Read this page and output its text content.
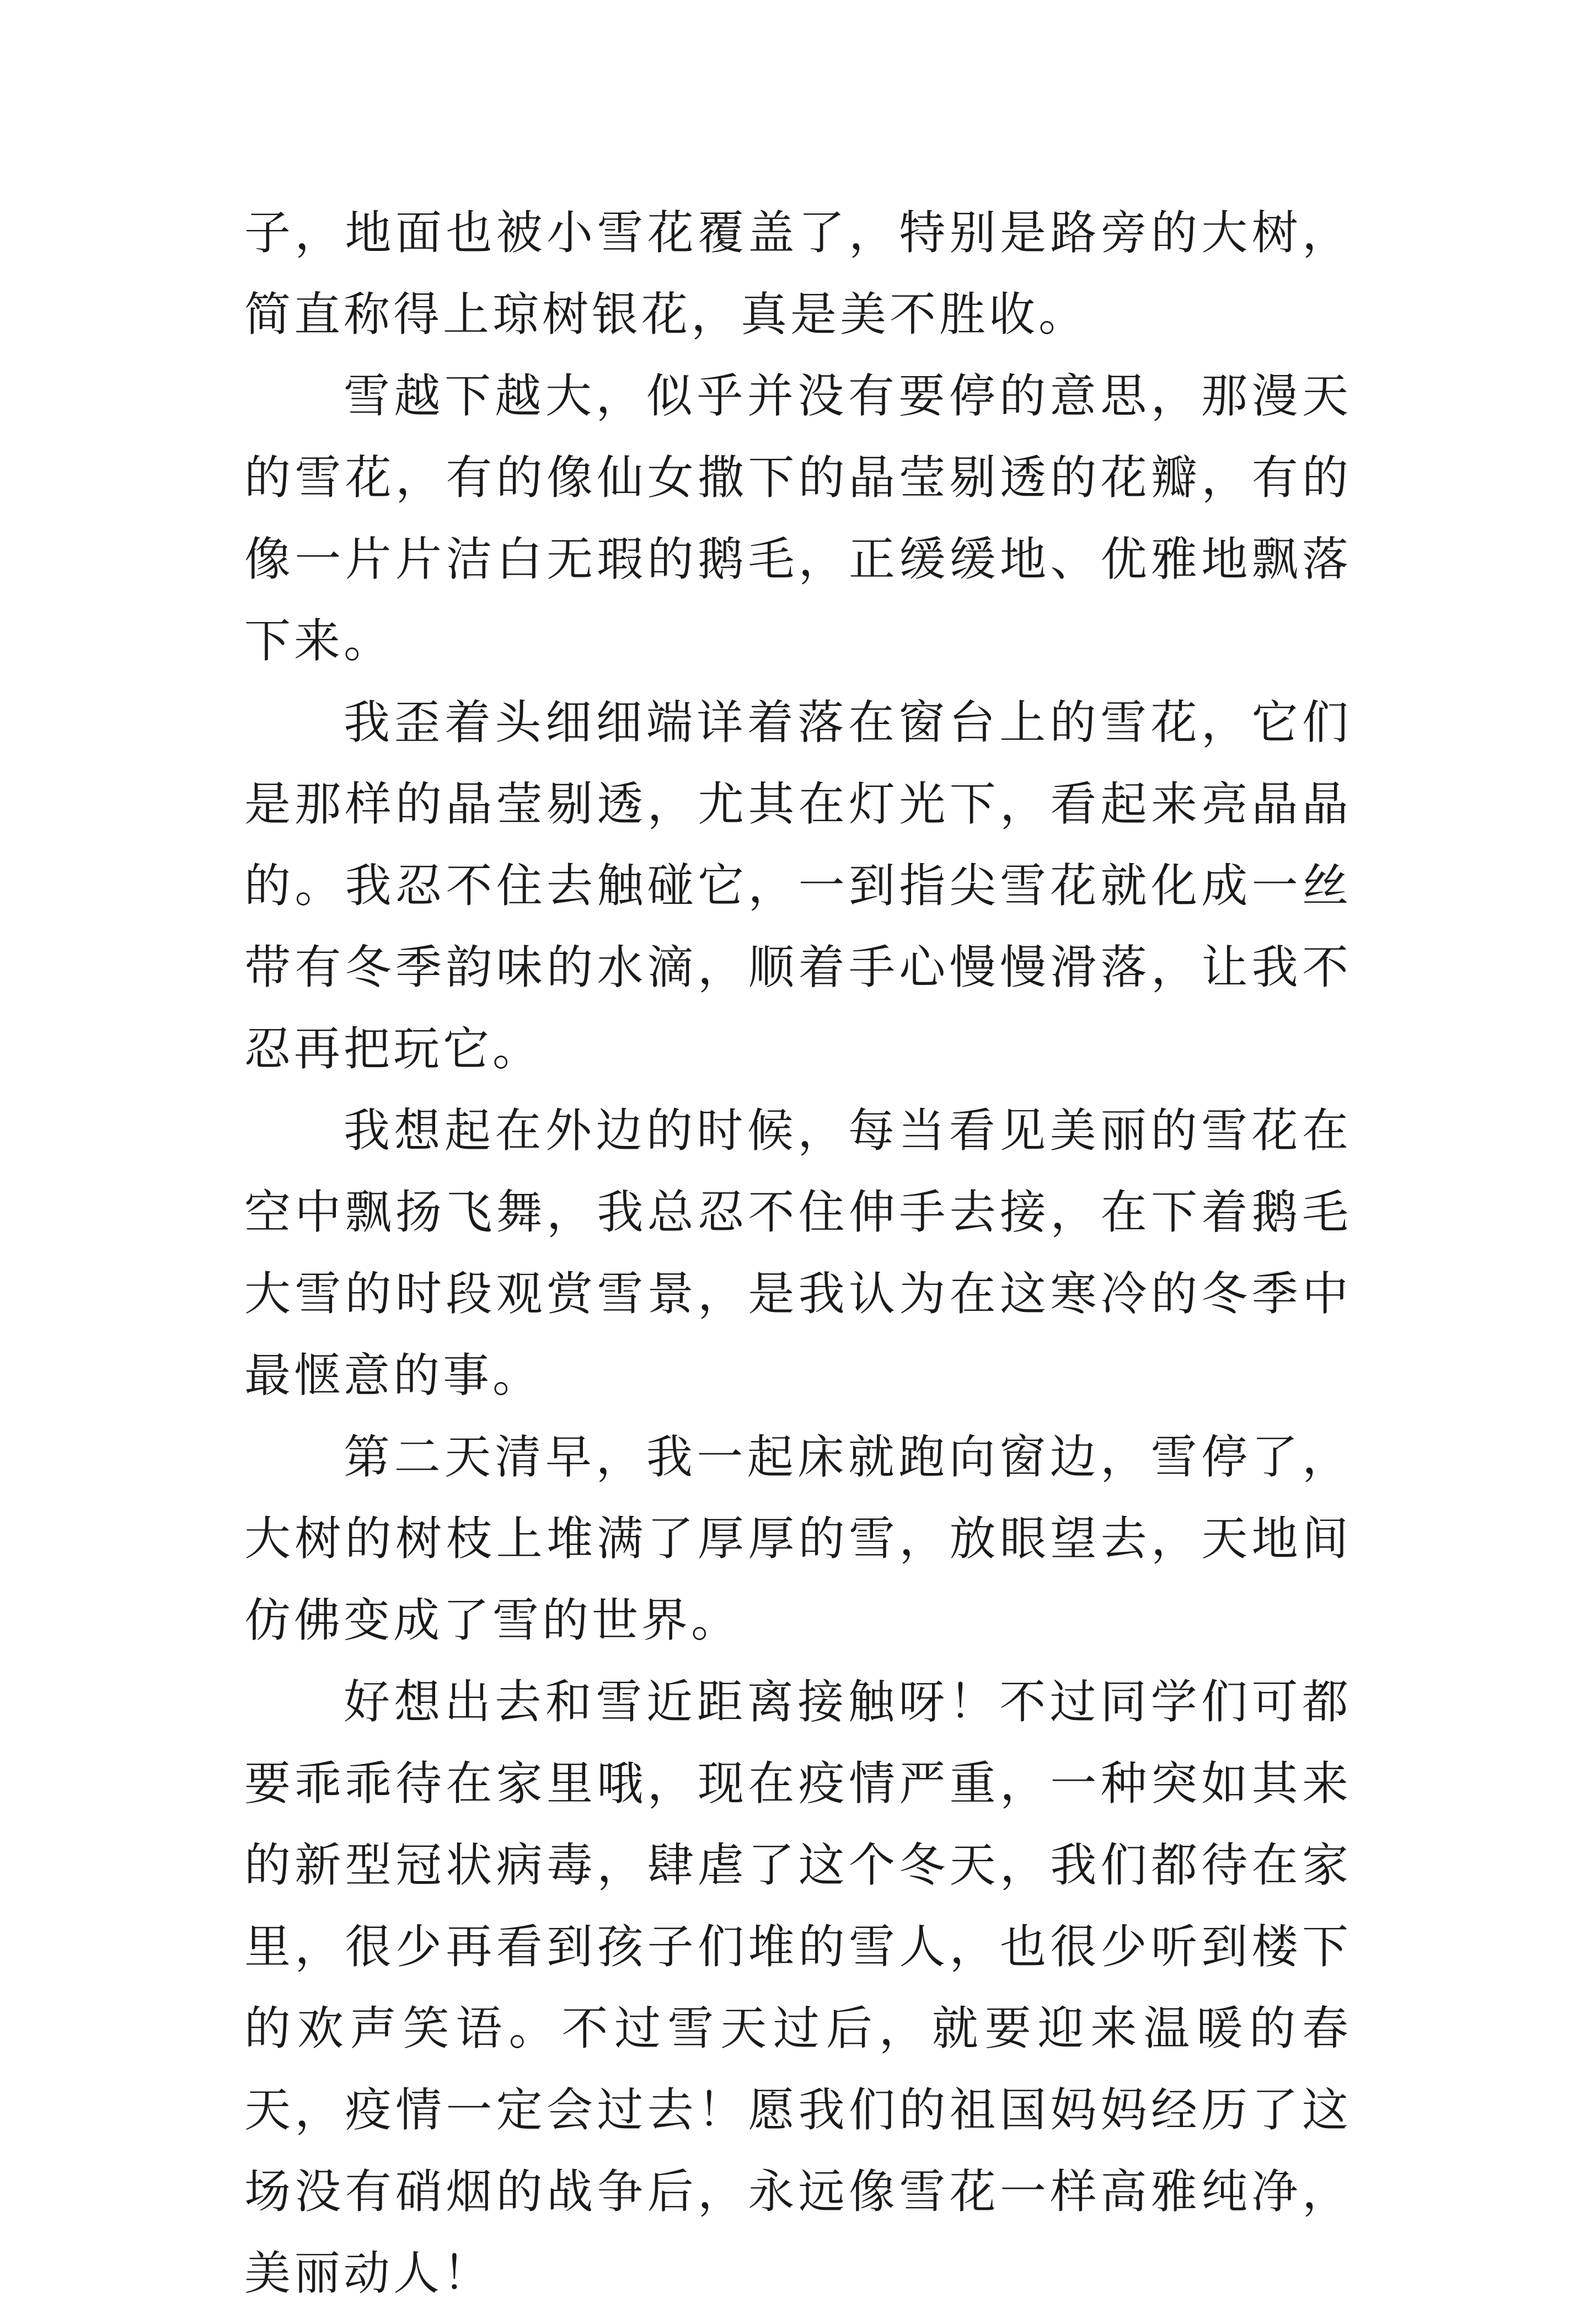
子，地面也被小雪花覆盖了，特别是路旁的大树，简直称得上琼树银花，真是美不胜收。

雪越下越大，似乎并没有要停的意思，那漫天的雪花，有的像仙女撒下的晶莹剔透的花瓣，有的像一片片洁白无瑕的鹅毛，正缓缓地、优雅地飘落下来。

我歪着头细细端详着落在窗台上的雪花，它们是那样的晶莹剔透，尤其在灯光下，看起来亮晶晶的。我忍不住去触碰它，一到指尖雪花就化成一丝带有冬季韵味的水滴，顺着手心慢慢滑落，让我不忍再把玩它。

我想起在外边的时候，每当看见美丽的雪花在空中飘扬飞舞，我总忍不住伸手去接，在下着鹅毛大雪的时段观赏雪景，是我认为在这寒冷的冬季中最惬意的事。

第二天清早，我一起床就跑向窗边，雪停了，大树的树枝上堆满了厚厚的雪，放眼望去，天地间仿佛变成了雪的世界。

好想出去和雪近距离接触呀！不过同学们可都要乖乖待在家里哦，现在疫情严重，一种突如其来的新型冠状病毒，肆虐了这个冬天，我们都待在家里，很少再看到孩子们堆的雪人，也很少听到楼下的欢声笑语。不过雪天过后，就要迎来温暖的春天，疫情一定会过去！愿我们的祖国妈妈经历了这场没有硝烟的战争后，永远像雪花一样高雅纯净，美丽动人！
